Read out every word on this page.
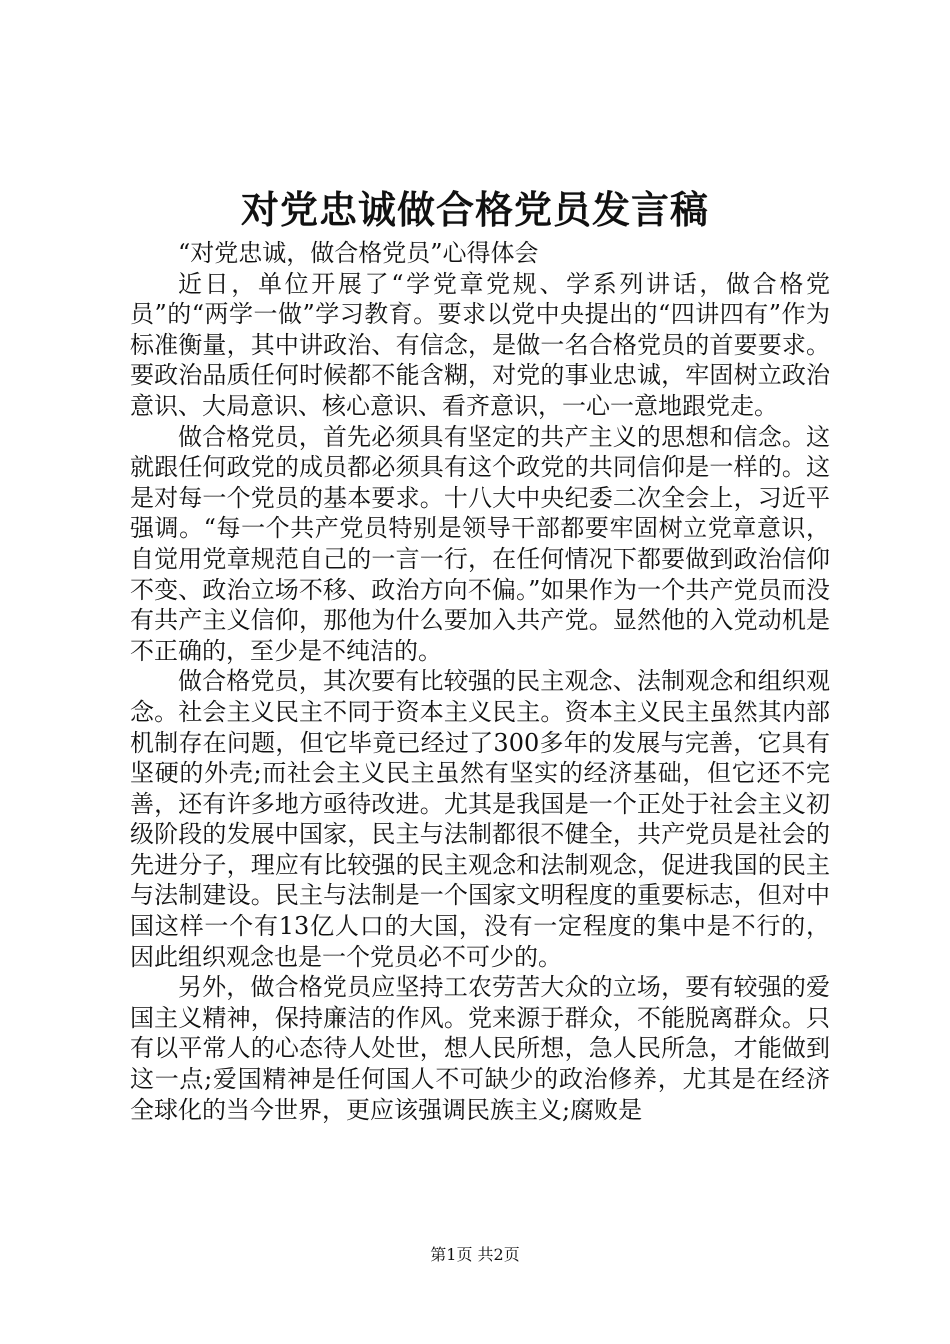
对党忠诚做合格党员发言稿

“对党忠诚，做合格党员”心得体会

近日，单位开展了“学党章党规、学系列讲话，做合格党员”的“两学一做”学习教育。要求以党中央提出的“四讲四有”作为标准衡量，其中讲政治、有信念，是做一名合格党员的首要要求。要政治品质任何时候都不能含糊，对党的事业忠诚，牢固树立政治意识、大局意识、核心意识、看齐意识，一心一意地跟党走。

做合格党员，首先必须具有坚定的共产主义的思想和信念。这就跟任何政党的成员都必须具有这个政党的共同信仰是一样的。这是对每一个党员的基本要求。十八大中央纪委二次全会上，习近平强调。“每一个共产党员特别是领导干部都要牢固树立党章意识，自觉用党章规范自己的一言一行，在任何情况下都要做到政治信仰不变、政治立场不移、政治方向不偏。”如果作为一个共产党员而没有共产主义信仰，那他为什么要加入共产党。显然他的入党动机是不正确的，至少是不纯洁的。

做合格党员，其次要有比较强的民主观念、法制观念和组织观念。社会主义民主不同于资本主义民主。资本主义民主虽然其内部机制存在问题，但它毕竟已经过了300多年的发展与完善，它具有坚硬的外壳;而社会主义民主虽然有坚实的经济基础，但它还不完善，还有许多地方亟待改进。尤其是我国是一个正处于社会主义初级阶段的发展中国家，民主与法制都很不健全，共产党员是社会的先进分子，理应有比较强的民主观念和法制观念，促进我国的民主与法制建设。民主与法制是一个国家文明程度的重要标志，但对中国这样一个有13亿人口的大国，没有一定程度的集中是不行的，因此组织观念也是一个党员必不可少的。

另外，做合格党员应坚持工农劳苦大众的立场，要有较强的爱国主义精神，保持廉洁的作风。党来源于群众，不能脱离群众。只有以平常人的心态待人处世，想人民所想，急人民所急，才能做到这一点;爱国精神是任何国人不可缺少的政治修养，尤其是在经济全球化的当今世界，更应该强调民族主义;腐败是

第1页 共2页
